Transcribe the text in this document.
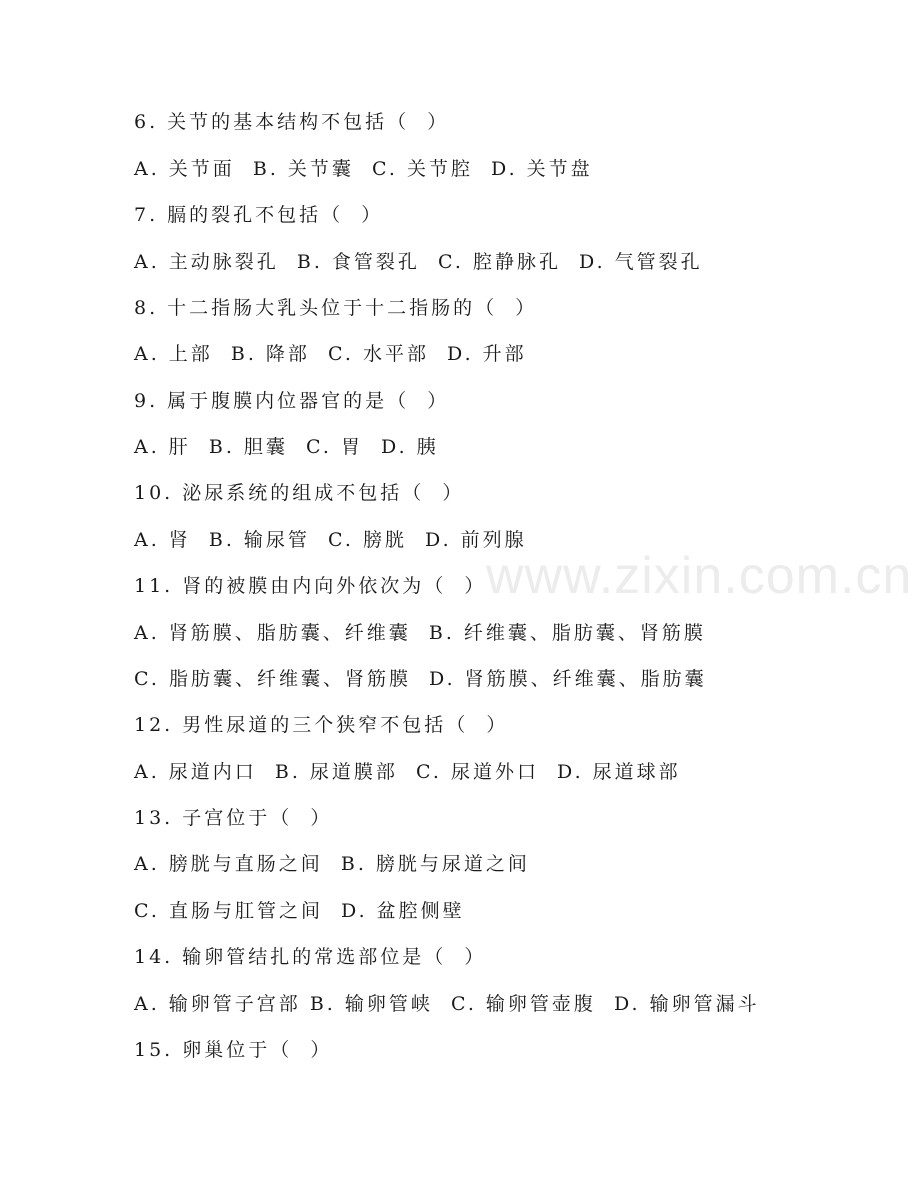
www.zixin.com.cn
6. 关节的基本结构不包括（  ）
A. 关节面  B. 关节囊  C. 关节腔  D. 关节盘
7. 膈的裂孔不包括（  ）
A. 主动脉裂孔  B. 食管裂孔  C. 腔静脉孔  D. 气管裂孔
8. 十二指肠大乳头位于十二指肠的（  ）
A. 上部  B. 降部  C. 水平部  D. 升部
9. 属于腹膜内位器官的是（  ）
A. 肝  B. 胆囊  C. 胃  D. 胰
10. 泌尿系统的组成不包括（  ）
A. 肾  B. 输尿管  C. 膀胱  D. 前列腺
11. 肾的被膜由内向外依次为（  ）
A. 肾筋膜、脂肪囊、纤维囊  B. 纤维囊、脂肪囊、肾筋膜
C. 脂肪囊、纤维囊、肾筋膜  D. 肾筋膜、纤维囊、脂肪囊
12. 男性尿道的三个狭窄不包括（  ）
A. 尿道内口  B. 尿道膜部  C. 尿道外口  D. 尿道球部
13. 子宫位于（  ）
A. 膀胱与直肠之间  B. 膀胱与尿道之间
C. 直肠与肛管之间  D. 盆腔侧壁
14. 输卵管结扎的常选部位是（  ）
A. 输卵管子宫部 B. 输卵管峡  C. 输卵管壶腹  D. 输卵管漏斗
15. 卵巢位于（  ）
